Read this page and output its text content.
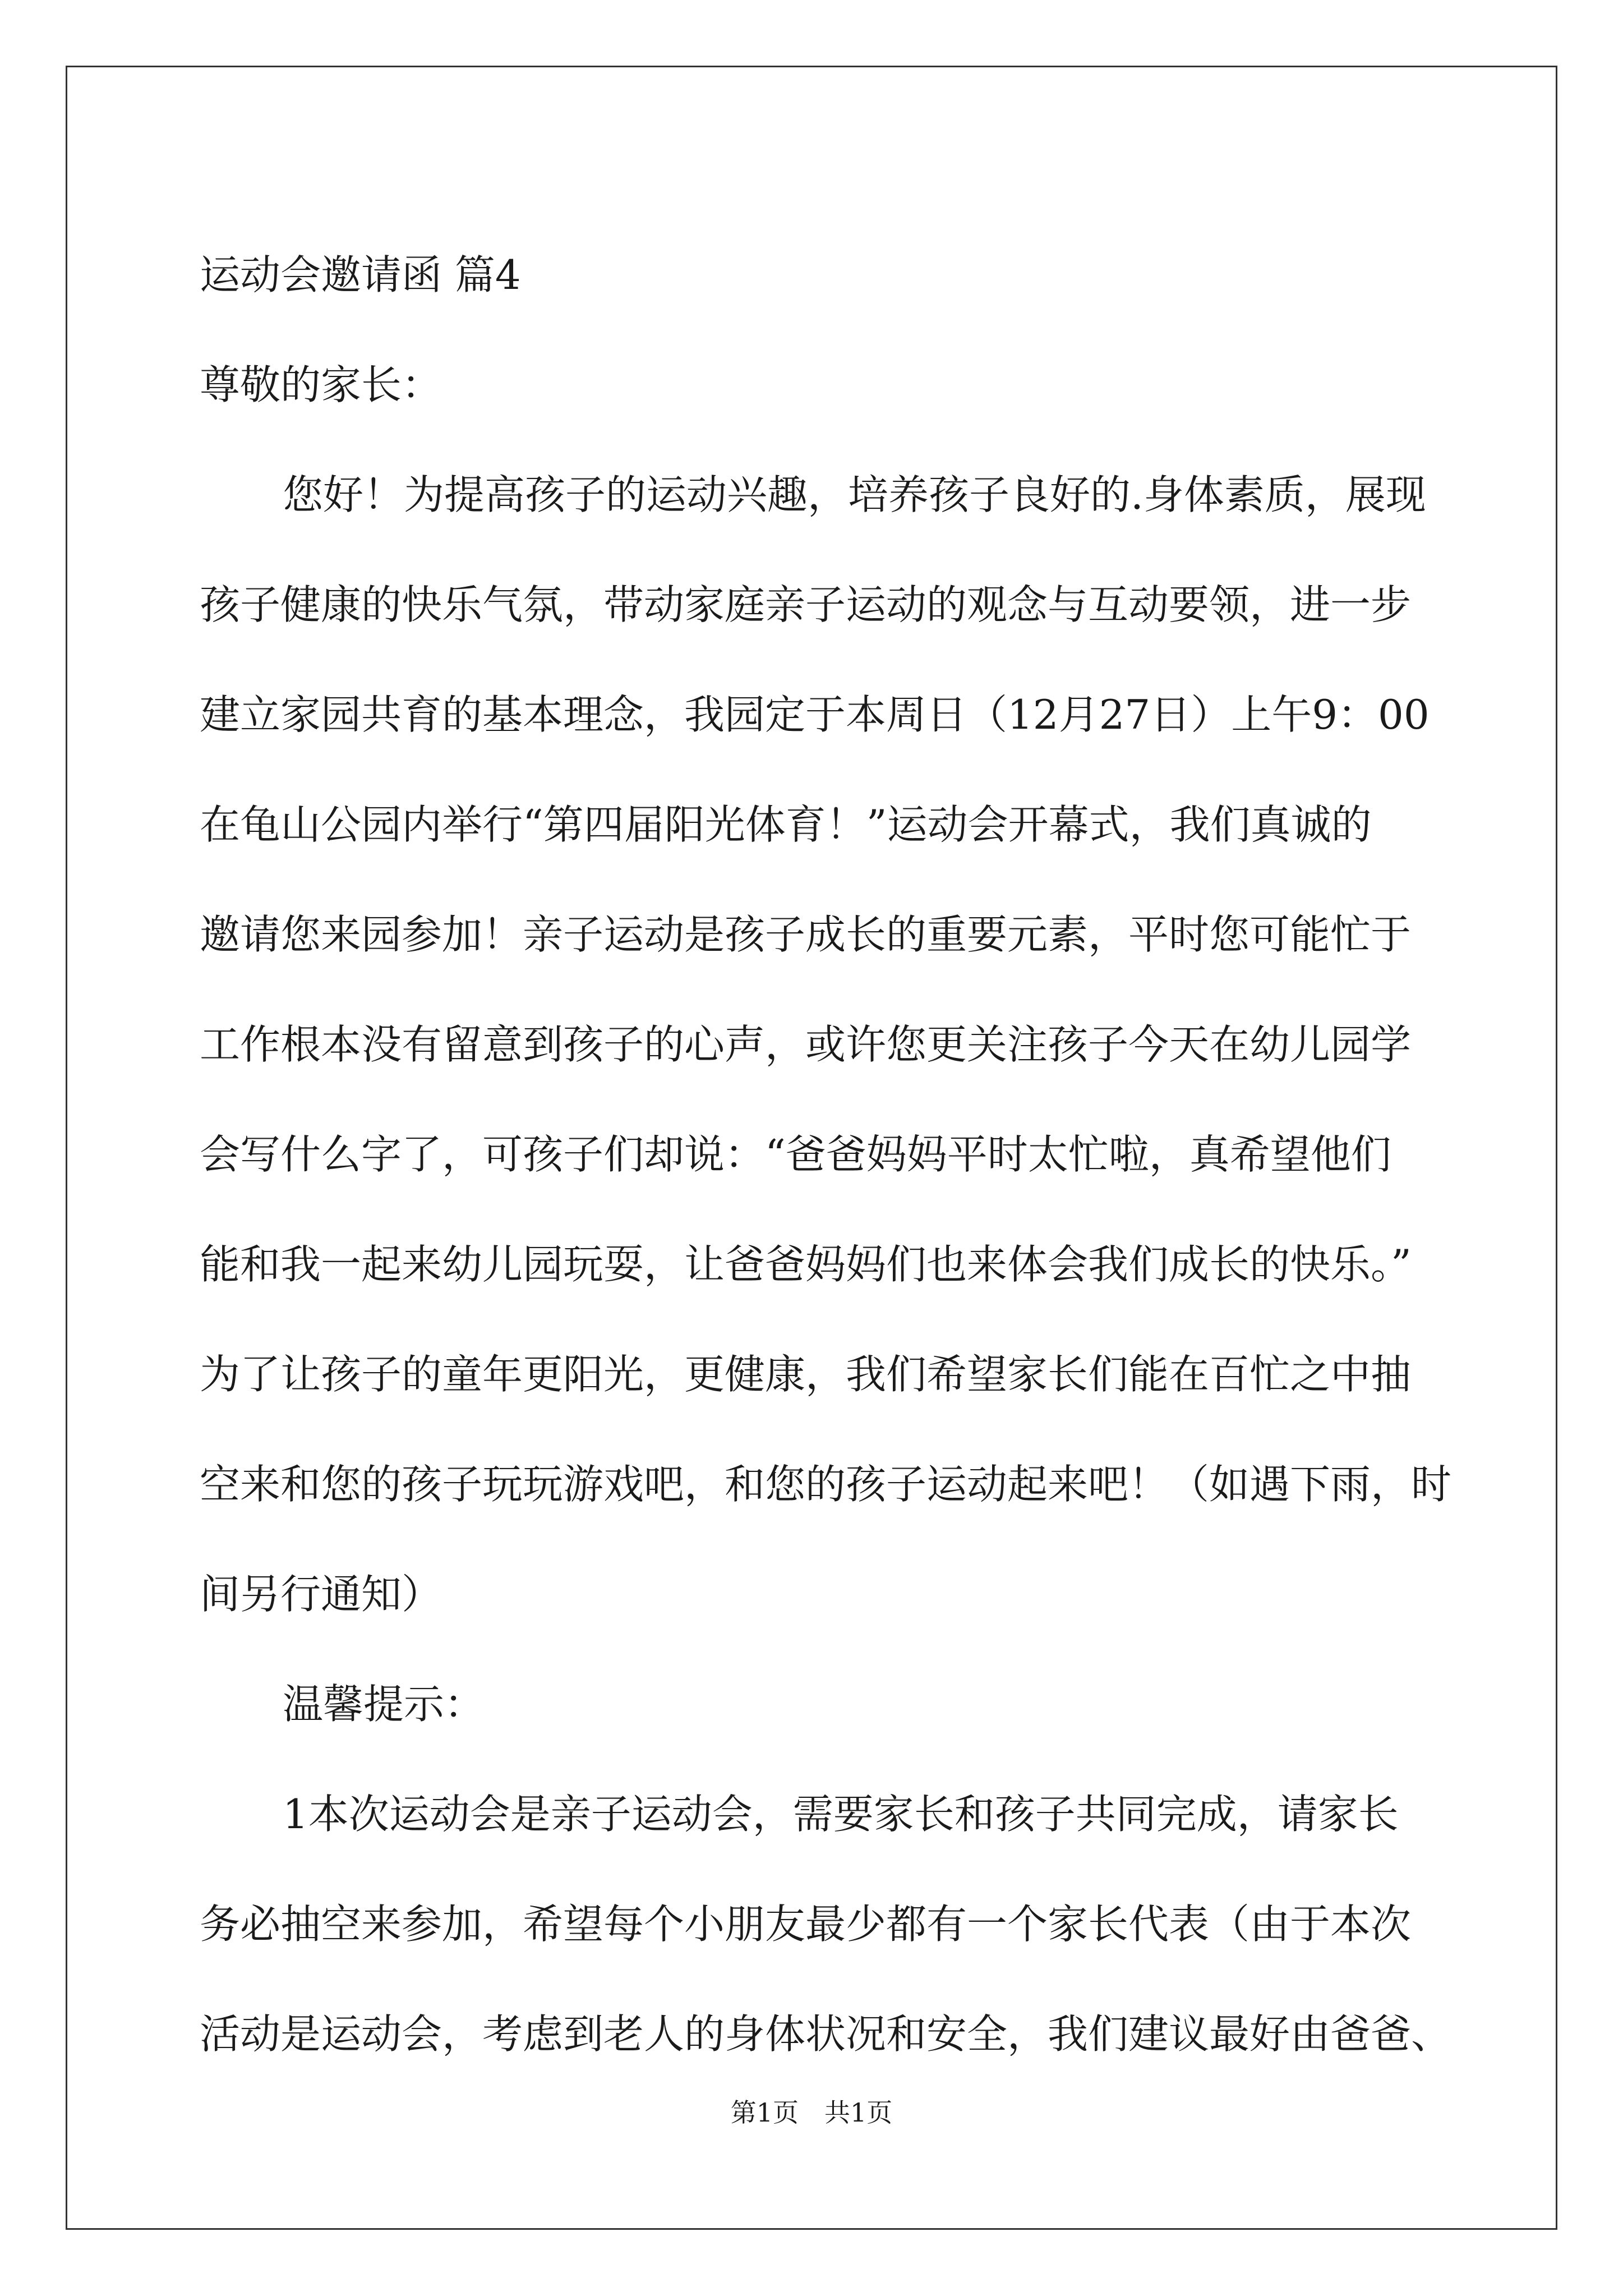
运动会邀请函 篇4
尊敬的家长：
您好！为提高孩子的运动兴趣，培养孩子良好的.身体素质，展现
孩子健康的快乐气氛，带动家庭亲子运动的观念与互动要领，进一步
建立家园共育的基本理念，我园定于本周日（12月27日）上午9：00
在龟山公园内举行“第四届阳光体育！”运动会开幕式，我们真诚的
邀请您来园参加！亲子运动是孩子成长的重要元素，平时您可能忙于
工作根本没有留意到孩子的心声，或许您更关注孩子今天在幼儿园学
会写什么字了，可孩子们却说：“爸爸妈妈平时太忙啦，真希望他们
能和我一起来幼儿园玩耍，让爸爸妈妈们也来体会我们成长的快乐。”
为了让孩子的童年更阳光，更健康，我们希望家长们能在百忙之中抽
空来和您的孩子玩玩游戏吧，和您的孩子运动起来吧！（如遇下雨，时
间另行通知）
温馨提示：
1本次运动会是亲子运动会，需要家长和孩子共同完成，请家长
务必抽空来参加，希望每个小朋友最少都有一个家长代表（由于本次
活动是运动会，考虑到老人的身体状况和安全，我们建议最好由爸爸、
第1页　共1页
